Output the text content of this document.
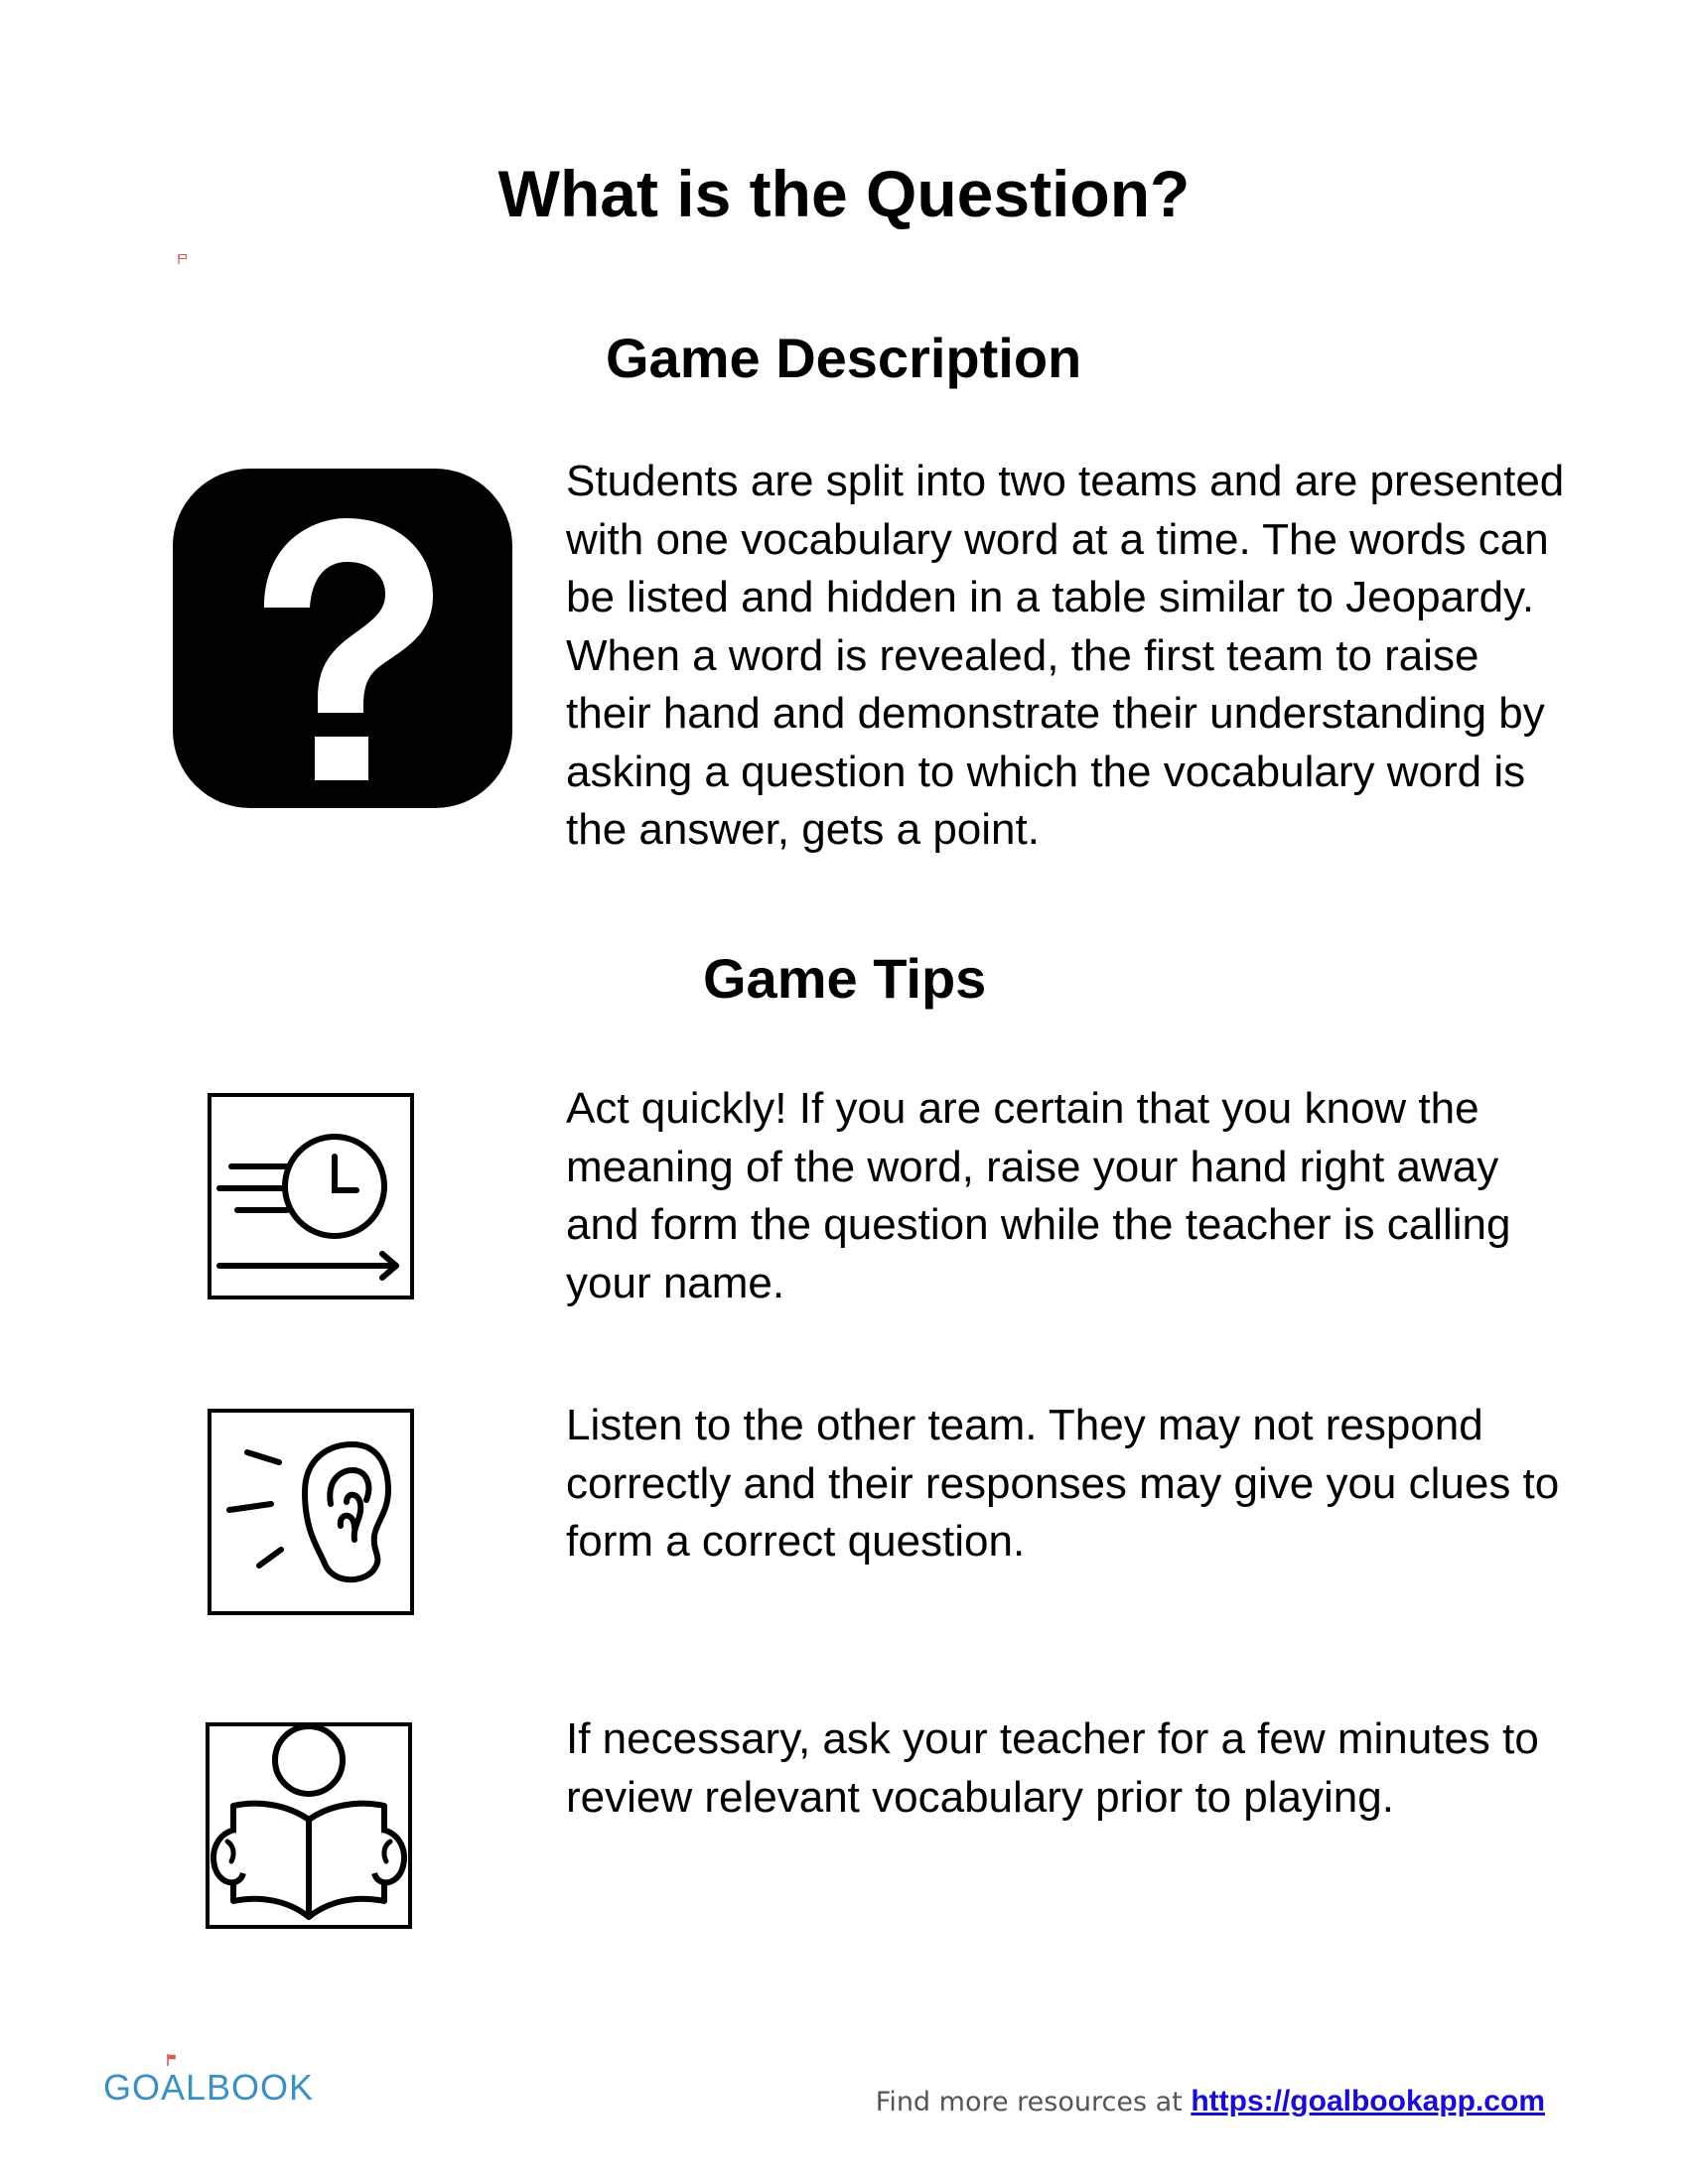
What is the Question?
Game Description

Students are split into two teams and are presented with one vocabulary word at a time. The words can be listed and hidden in a table similar to Jeopardy. When a word is revealed, the first team to raise their hand and demonstrate their understanding by asking a question to which the vocabulary word is the answer, gets a point.

Game Tips

Act quickly! If you are certain that you know the meaning of the word, raise your hand right away and form the question while the teacher is calling your name.

Listen to the other team. They may not respond correctly and their responses may give you clues to form a correct question.

If necessary, ask your teacher for a few minutes to review relevant vocabulary prior to playing.

GOALBOOK	Find more resources at https://goalbookapp.com
